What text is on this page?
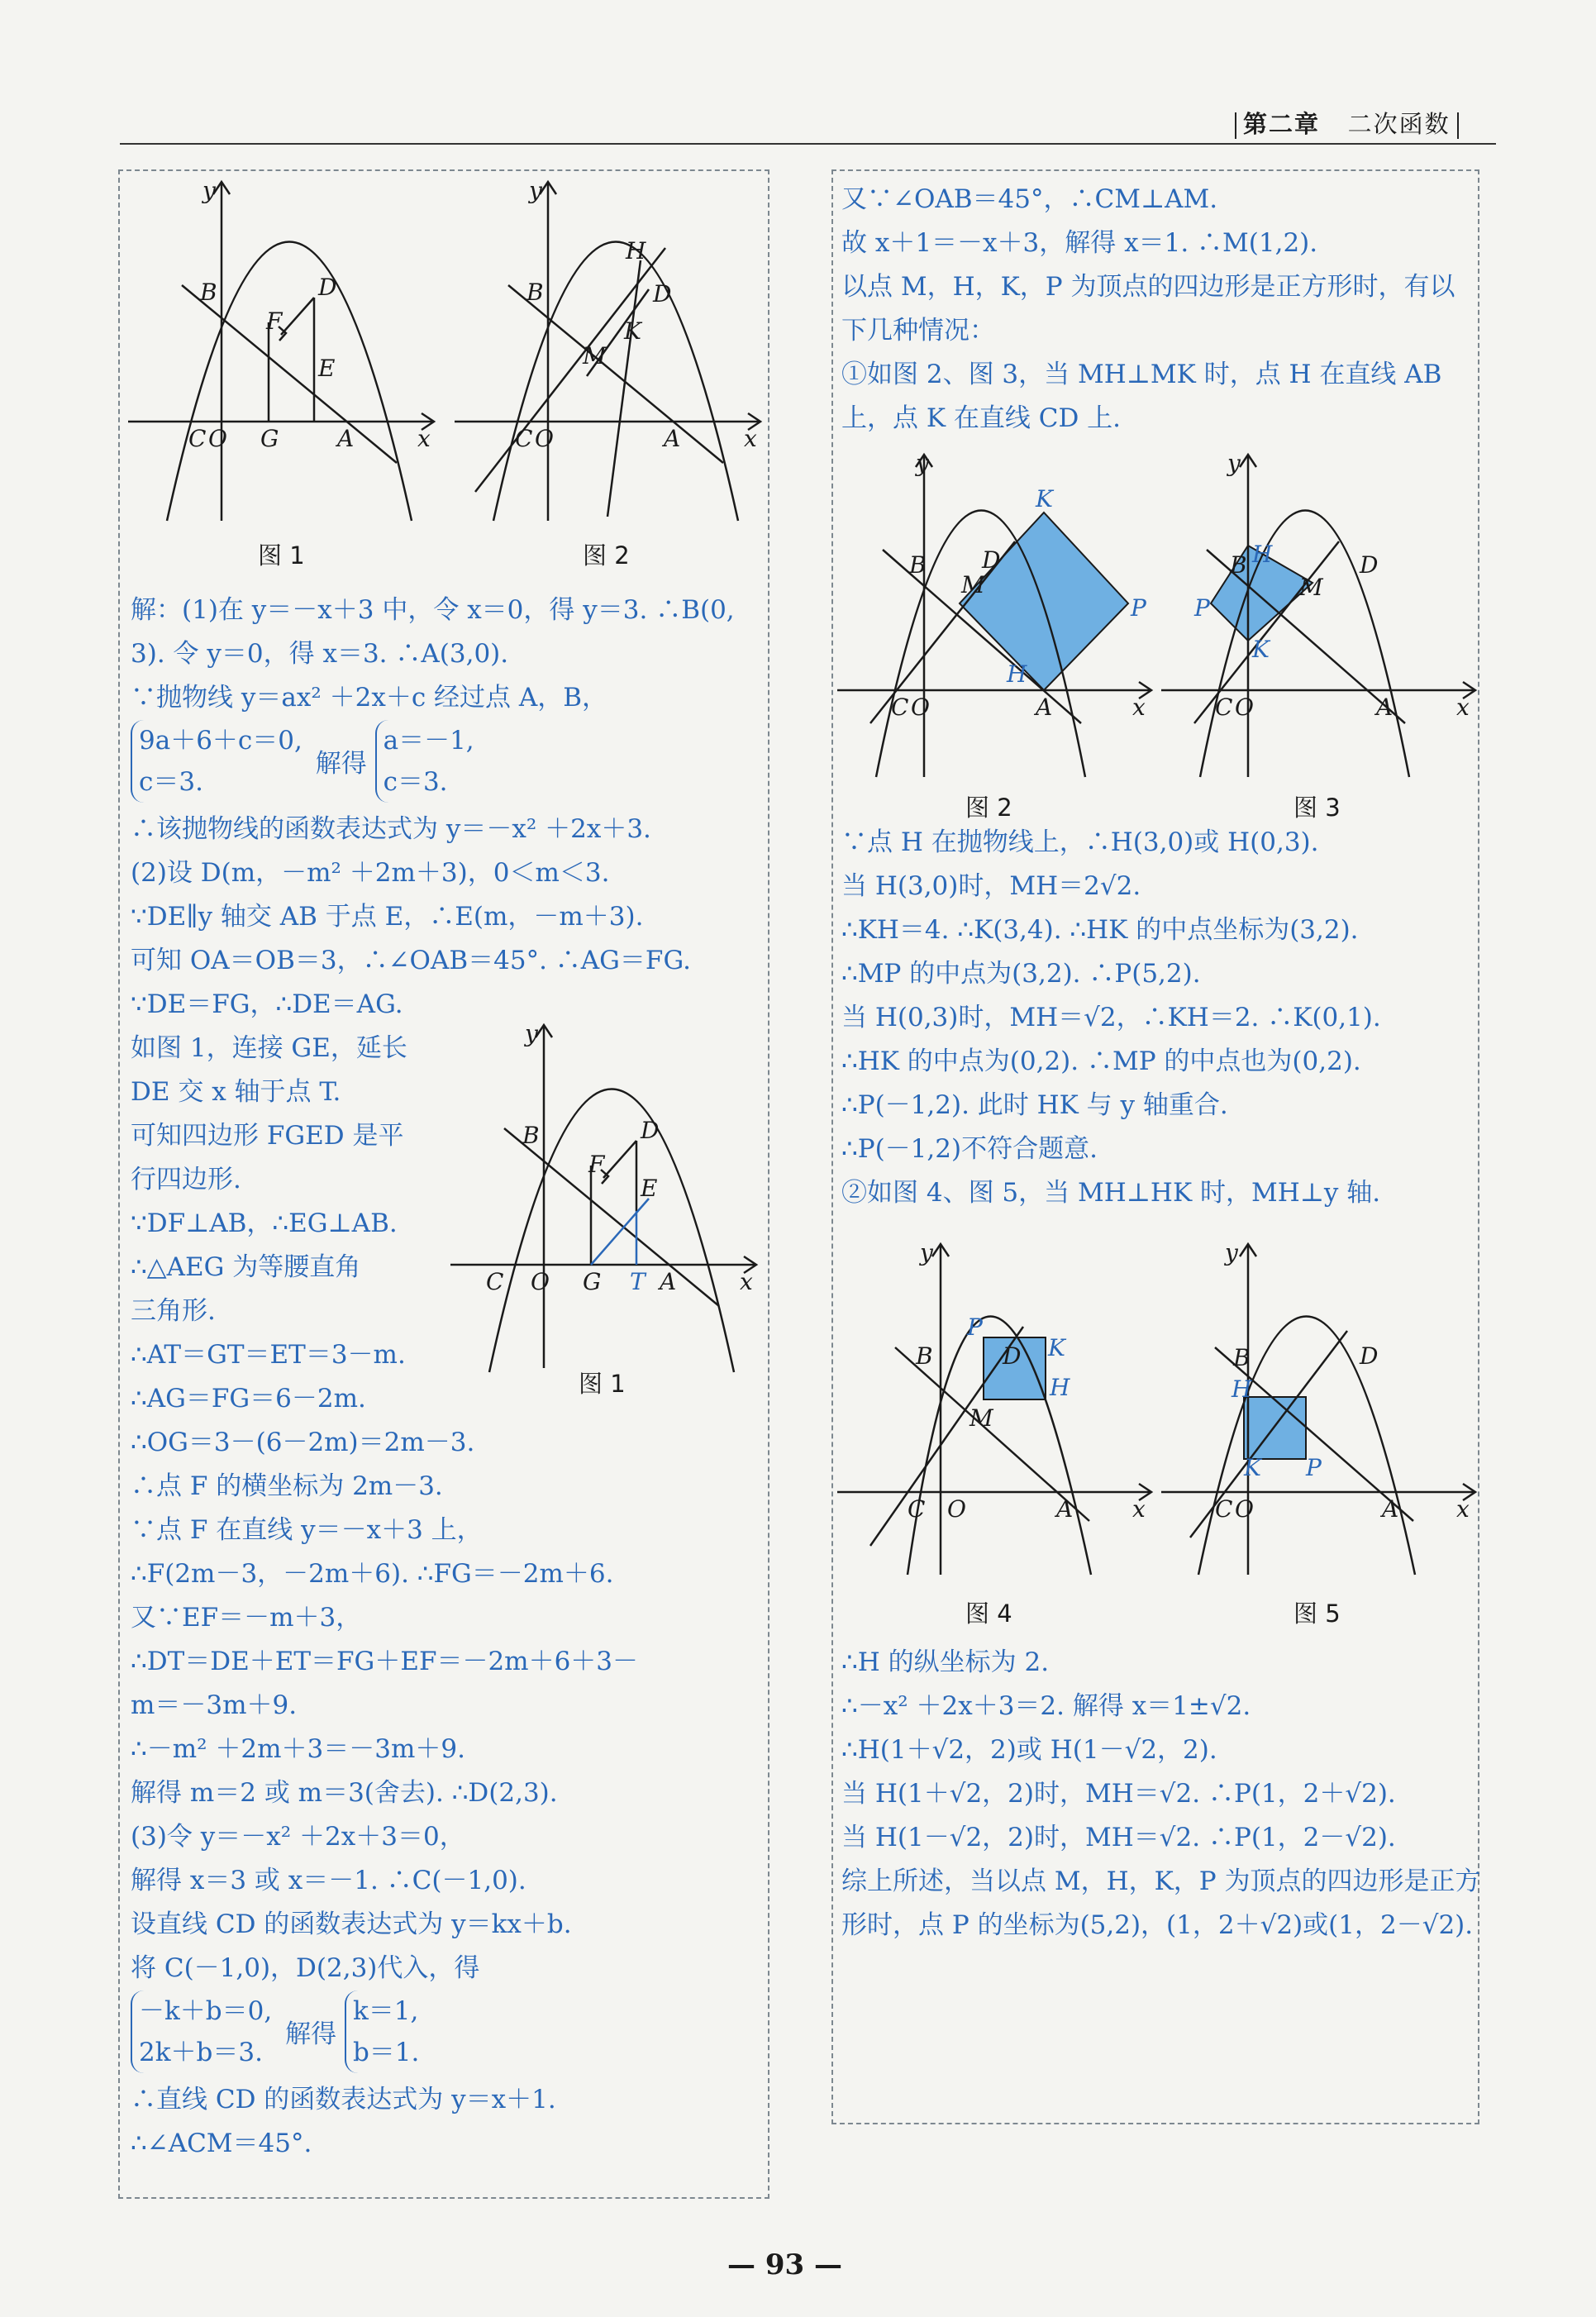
第二章 二次函数
y
B	D
F
E
C O G	A	x
图 1
y
H
B	D
K
M
C O	A	x
图 2
解：(1)在 y＝－x＋3 中，令 x＝0，得 y＝3. ∴B(0,
3). 令 y＝0，得 x＝3. ∴A(3,0).
∵抛物线 y＝ax² ＋2x＋c 经过点 A，B，
9a＋6＋c＝0,
c＝3. 解得 a＝－1,
c＝3.
∴该抛物线的函数表达式为 y＝－x² ＋2x＋3.
(2)设 D(m，－m² ＋2m＋3)，0＜m＜3.
∵DE∥y 轴交 AB 于点 E，∴E(m，－m＋3).
可知 OA＝OB＝3，∴∠OAB＝45°. ∴AG＝FG.
∵DE＝FG，∴DE＝AG.
如图 1，连接 GE，延长
DE 交 x 轴于点 T.
可知四边形 FGED 是平
行四边形.
∵DF⊥AB，∴EG⊥AB.
∴△AEG 为等腰直角
三角形.
∴AT＝GT＝ET＝3－m.
∴AG＝FG＝6－2m.
∴OG＝3－(6－2m)＝2m－3.
∴点 F 的横坐标为 2m－3.
∵点 F 在直线 y＝－x＋3 上，
∴F(2m－3，－2m＋6). ∴FG＝－2m＋6.
又∵EF＝－m＋3，
∴DT＝DE＋ET＝FG＋EF＝－2m＋6＋3－
m＝－3m＋9.
∴－m² ＋2m＋3＝－3m＋9.
解得 m＝2 或 m＝3(舍去). ∴D(2,3).
(3)令 y＝－x² ＋2x＋3＝0，
解得 x＝3 或 x＝－1. ∴C(－1,0).
设直线 CD 的函数表达式为 y＝kx＋b.
将 C(－1,0)，D(2,3)代入，得
－k＋b＝0,
2k＋b＝3. 解得 k＝1,
b＝1.
∴直线 CD 的函数表达式为 y＝x＋1.
∴∠ACM＝45°.
y
B	D
F
E
C O G T A	x
图 1
又∵∠OAB＝45°，∴CM⊥AM.
故 x＋1＝－x＋3，解得 x＝1. ∴M(1,2).
以点 M，H，K，P 为顶点的四边形是正方形时，有以
下几种情况：
①如图 2、图 3，当 MH⊥MK 时，点 H 在直线 AB
上，点 K 在直线 CD 上.
y
K
B D
M
P
H
C O	A	x
图 2
y
B H	D
M
P
K
C O	A	x
图 3
∵点 H 在抛物线上，∴H(3,0)或 H(0,3).
当 H(3,0)时，MH＝2√2.
∴KH＝4. ∴K(3,4). ∴HK 的中点坐标为(3,2).
∴MP 的中点为(3,2). ∴P(5,2).
当 H(0,3)时，MH＝√2，∴KH＝2. ∴K(0,1).
∴HK 的中点为(0,2). ∴MP 的中点也为(0,2).
∴P(－1,2). 此时 HK 与 y 轴重合.
∴P(－1,2)不符合题意.
②如图 4、图 5，当 MH⊥HK 时，MH⊥y 轴.
y
P
D K
H
B
M
C O	A	x
图 4
y
B	D
H
K P
C O	A x
图 5
∴H 的纵坐标为 2.
∴－x² ＋2x＋3＝2. 解得 x＝1±√2.
∴H(1＋√2，2)或 H(1－√2，2).
当 H(1＋√2，2)时，MH＝√2. ∴P(1，2＋√2).
当 H(1－√2，2)时，MH＝√2. ∴P(1，2－√2).
综上所述，当以点 M，H，K，P 为顶点的四边形是正方
形时，点 P 的坐标为(5,2)，(1，2＋√2)或(1，2－√2).
— 93 —
